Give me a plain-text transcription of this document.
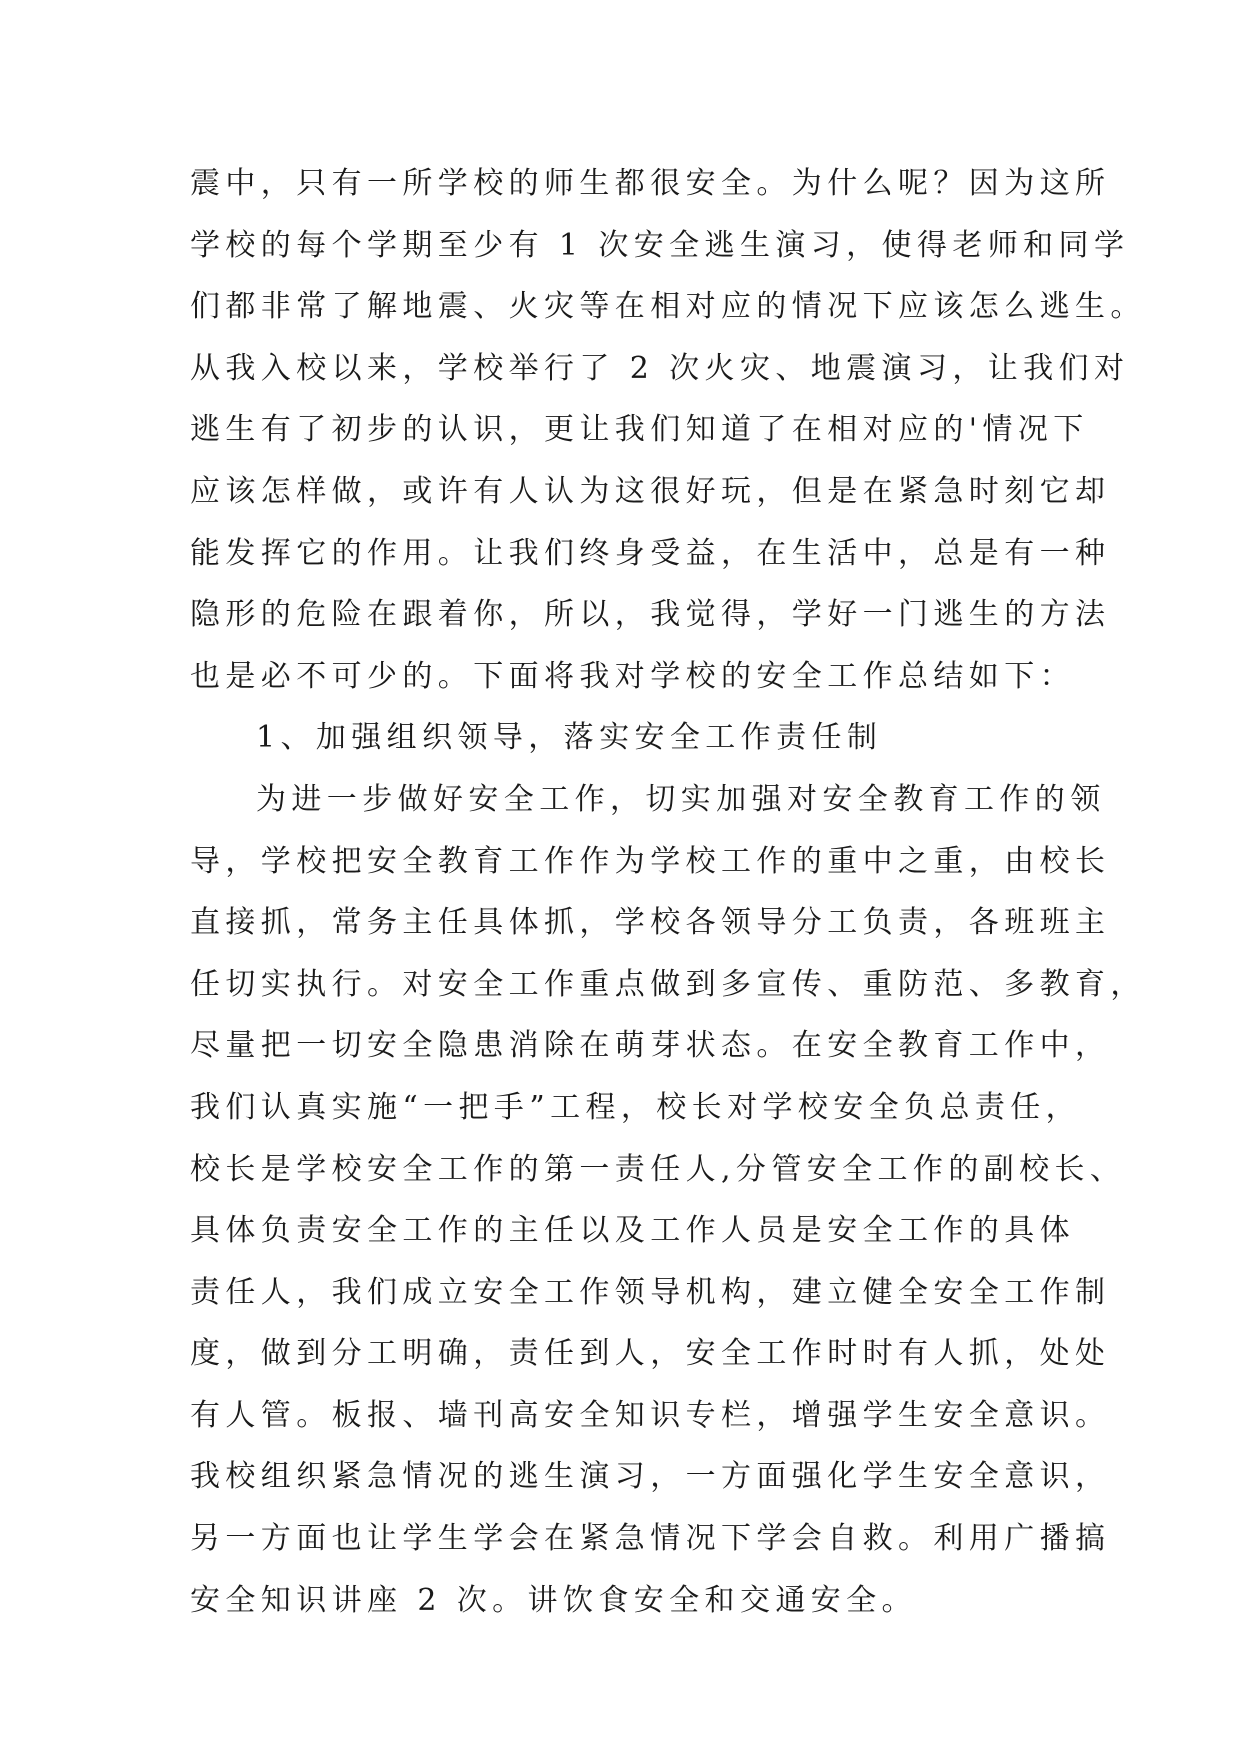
震中，只有一所学校的师生都很安全。为什么呢？因为这所
学校的每个学期至少有 1 次安全逃生演习，使得老师和同学
们都非常了解地震、火灾等在相对应的情况下应该怎么逃生。
从我入校以来，学校举行了 2 次火灾、地震演习，让我们对
逃生有了初步的认识，更让我们知道了在相对应的'情况下
应该怎样做，或许有人认为这很好玩，但是在紧急时刻它却
能发挥它的作用。让我们终身受益，在生活中，总是有一种
隐形的危险在跟着你，所以，我觉得，学好一门逃生的方法
也是必不可少的。下面将我对学校的安全工作总结如下：
1、加强组织领导，落实安全工作责任制
为进一步做好安全工作，切实加强对安全教育工作的领
导，学校把安全教育工作作为学校工作的重中之重，由校长
直接抓，常务主任具体抓，学校各领导分工负责，各班班主
任切实执行。对安全工作重点做到多宣传、重防范、多教育，
尽量把一切安全隐患消除在萌芽状态。在安全教育工作中，
我们认真实施“一把手”工程，校长对学校安全负总责任，
校长是学校安全工作的第一责任人,分管安全工作的副校长、
具体负责安全工作的主任以及工作人员是安全工作的具体
责任人，我们成立安全工作领导机构，建立健全安全工作制
度，做到分工明确，责任到人，安全工作时时有人抓，处处
有人管。板报、墙刊高安全知识专栏，增强学生安全意识。
我校组织紧急情况的逃生演习，一方面强化学生安全意识，
另一方面也让学生学会在紧急情况下学会自救。利用广播搞
安全知识讲座 2 次。讲饮食安全和交通安全。
